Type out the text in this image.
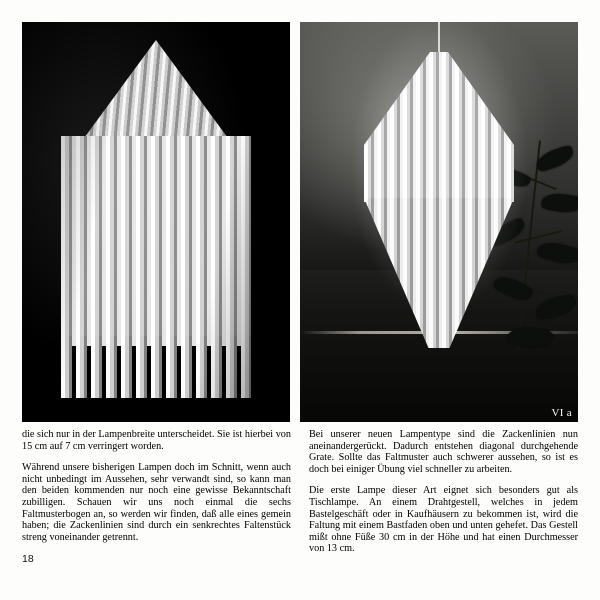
VI a

die sich nur in der Lampenbreite unterscheidet. Sie ist hierbei von 15 cm auf 7 cm verringert worden.

Während unsere bisherigen Lampen doch im Schnitt, wenn auch nicht unbedingt im Aussehen, sehr verwandt sind, so kann man den beiden kommenden nur noch eine gewisse Bekanntschaft zubilligen. Schauen wir uns noch einmal die sechs Faltmusterbogen an, so werden wir finden, daß alle eines gemein haben; die Zackenlinien sind durch ein senkrechtes Faltenstück streng voneinander getrennt.

Bei unserer neuen Lampentype sind die Zackenlinien nun aneinandergerückt. Dadurch entstehen diagonal durchgehende Grate. Sollte das Faltmuster auch schwerer aussehen, so ist es doch bei einiger Übung viel schneller zu arbeiten.

Die erste Lampe dieser Art eignet sich besonders gut als Tischlampe. An einem Drahtgestell, welches in jedem Bastelgeschäft oder in Kaufhäusern zu bekommen ist, wird die Faltung mit einem Bastfaden oben und unten gehefet. Das Gestell mißt ohne Füße 30 cm in der Höhe und hat einen Durchmesser von 13 cm.

18
